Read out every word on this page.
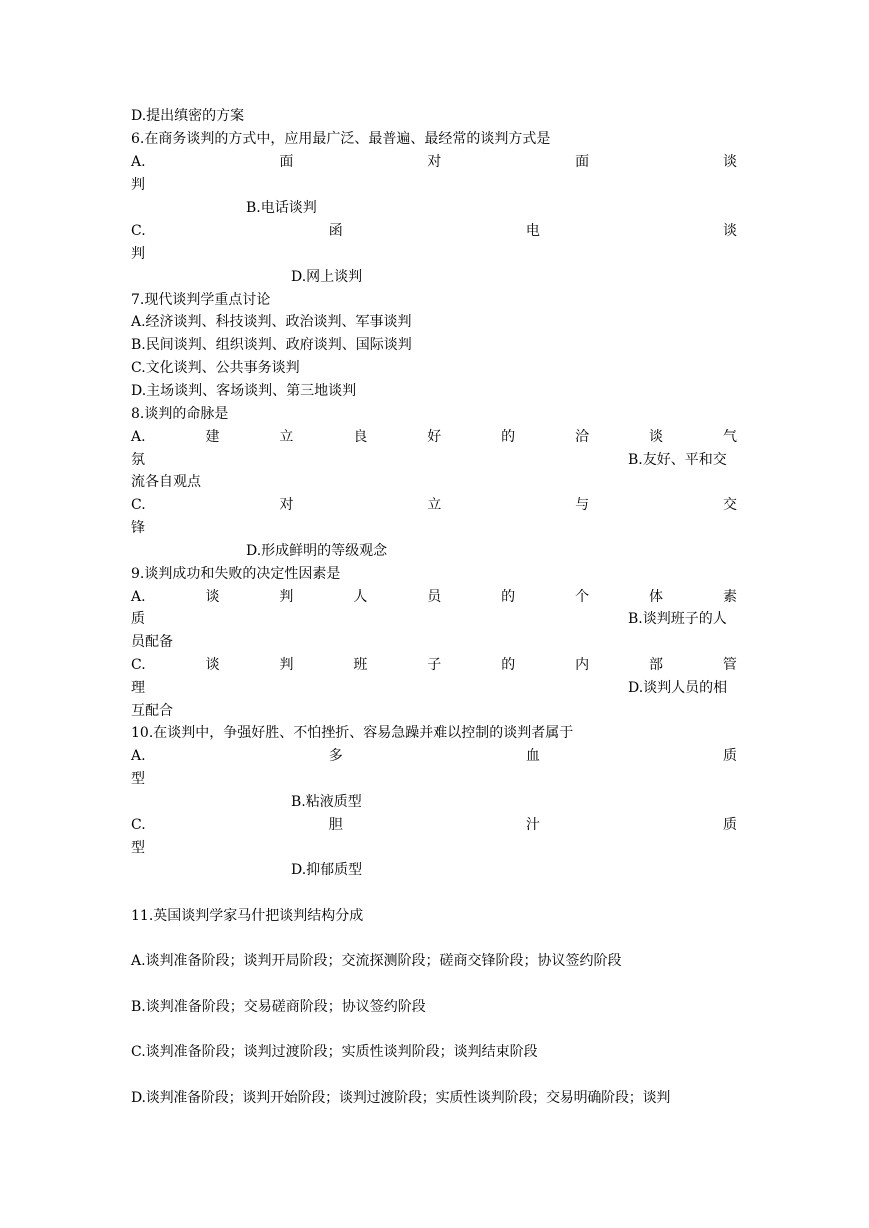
D.提出缜密的方案
6.在商务谈判的方式中，应用最广泛、最普遍、最经常的谈判方式是
A.	面	对	面	谈
判
B.电话谈判
C.	函	电	谈
判
D.网上谈判
7.现代谈判学重点讨论
A.经济谈判、科技谈判、政治谈判、军事谈判
B.民间谈判、组织谈判、政府谈判、国际谈判
C.文化谈判、公共事务谈判
D.主场谈判、客场谈判、第三地谈判
8.谈判的命脉是
A.	建	立	良	好	的	洽	谈	气
氛	B.友好、平和交
流各自观点
C.	对	立	与	交
锋
D.形成鲜明的等级观念
9.谈判成功和失败的决定性因素是
A.	谈	判	人	员	的	个	体	素
质	B.谈判班子的人
员配备
C.	谈	判	班	子	的	内	部	管
理	D.谈判人员的相
互配合
10.在谈判中，争强好胜、不怕挫折、容易急躁并难以控制的谈判者属于
A.	多	血	质
型
B.粘液质型
C.	胆	汁	质
型
D.抑郁质型
11.英国谈判学家马什把谈判结构分成
A.谈判准备阶段；谈判开局阶段；交流探测阶段；磋商交锋阶段；协议签约阶段
B.谈判准备阶段；交易磋商阶段；协议签约阶段
C.谈判准备阶段；谈判过渡阶段；实质性谈判阶段；谈判结束阶段
D.谈判准备阶段；谈判开始阶段；谈判过渡阶段；实质性谈判阶段；交易明确阶段；谈判
